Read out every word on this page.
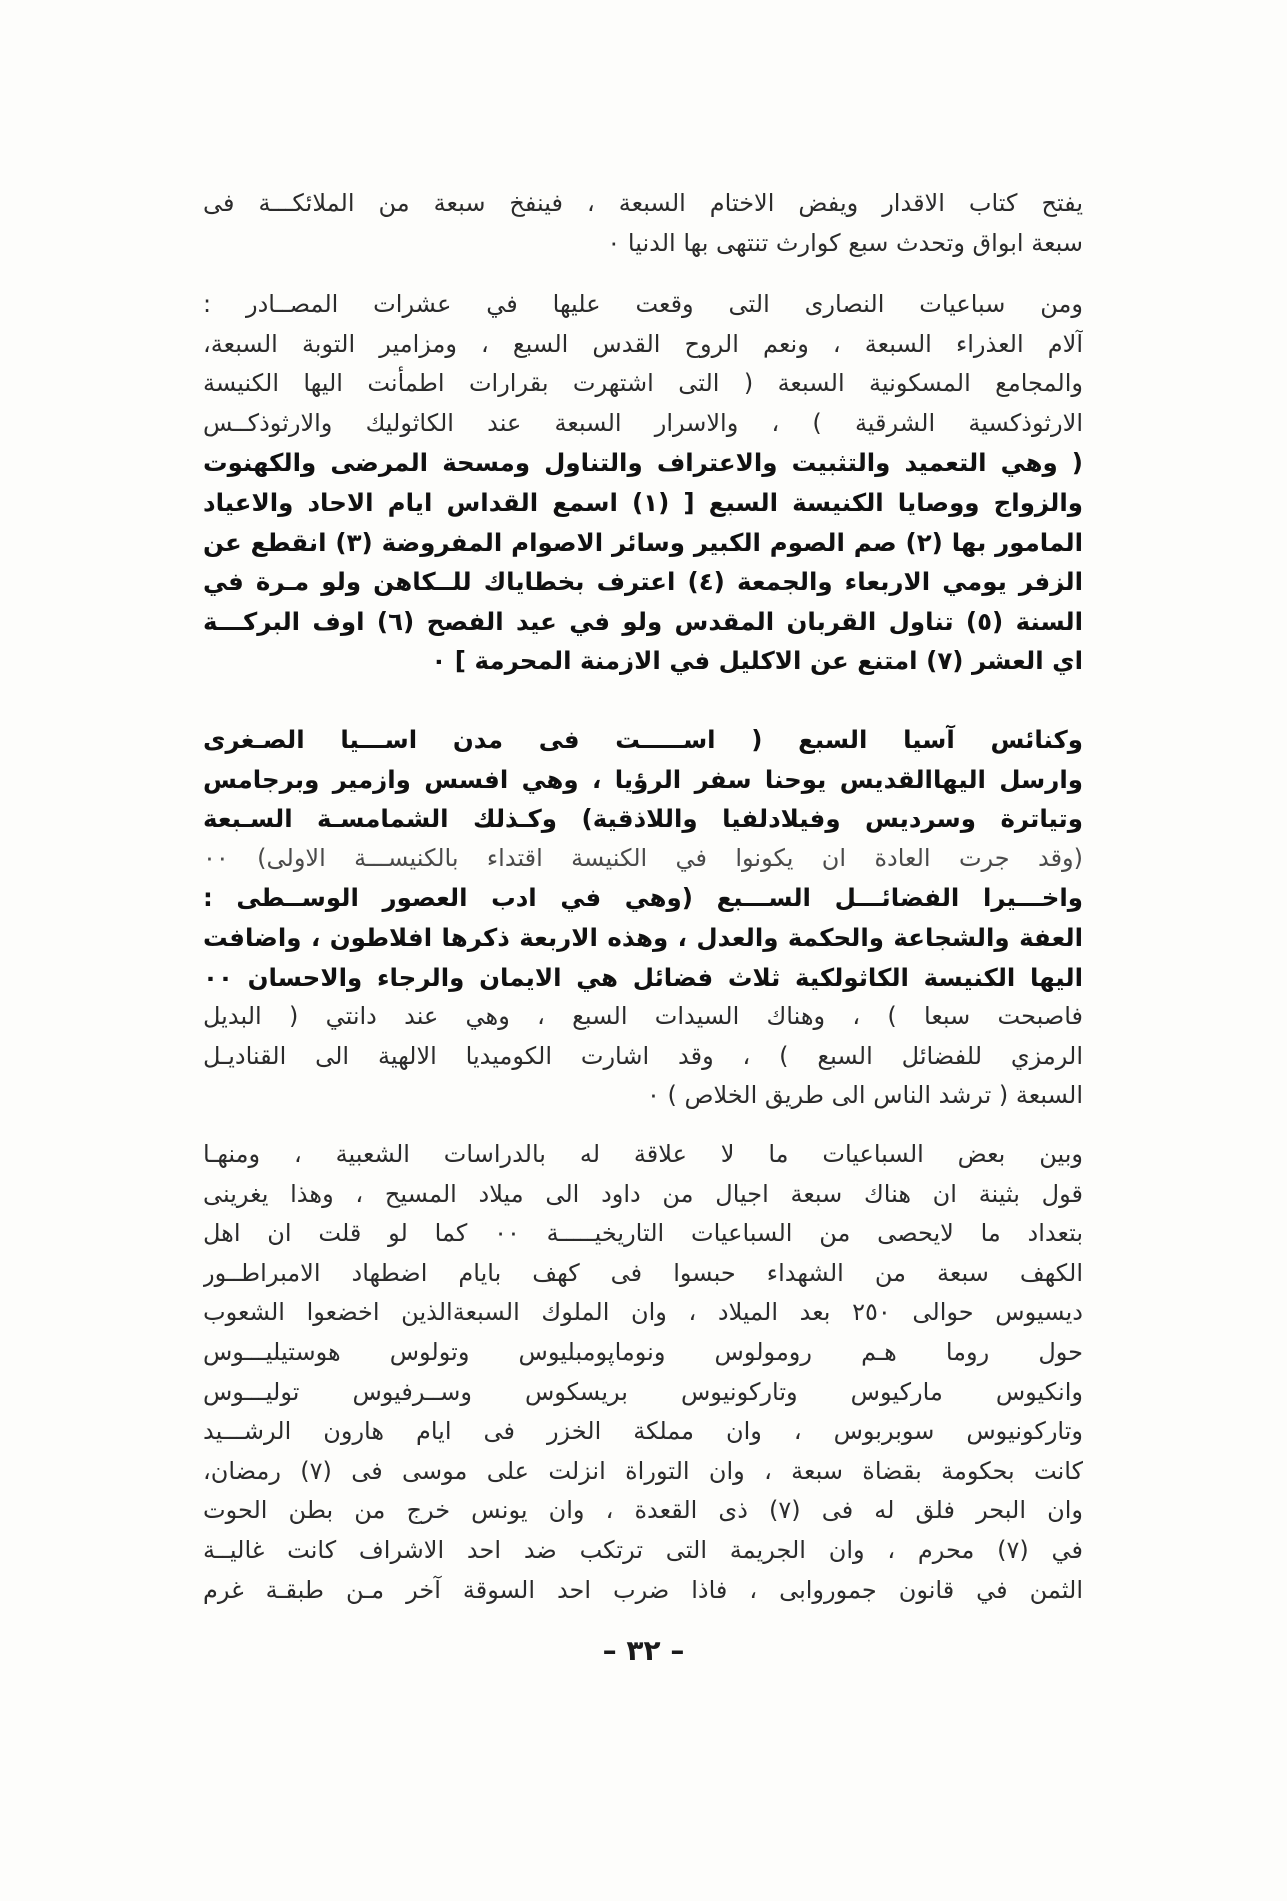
يفتح كتاب الاقدار ويفض الاختام السبعة ، فينفخ سبعة من الملائكـــة فى
سبعة ابواق وتحدث سبع كوارث تنتهى بها الدنيا ٠
ومن سباعيات النصارى التى وقعت عليها في عشرات المصــادر :
آلام العذراء السبعة ، ونعم الروح القدس السبع ، ومزامير التوبة السبعة،
والمجامع المسكونية السبعة ( التى اشتهرت بقرارات اطمأنت اليها الكنيسة
الارثوذكسية الشرقية ) ، والاسرار السبعة عند الكاثوليك والارثوذكــس
( وهي التعميد والتثبيت والاعتراف والتناول ومسحة المرضى والكهنوت
والزواج ووصايا الكنيسة السبع [ (١) اسمع القداس ايام الاحاد والاعياد
المامور بها (٢) صم الصوم الكبير وسائر الاصوام المفروضة (٣) انقطع عن
الزفر يومي الاربعاء والجمعة (٤) اعترف بخطاياك للــكاهن ولو مـرة في
السنة (٥) تناول القربان المقدس ولو في عيد الفصح (٦) اوف البركـــة
اي العشر (٧) امتنع عن الاكليل في الازمنة المحرمة ] ٠
وكنائس آسيا السبع ( اســـــت فى مدن اســـيا الصـغرى
وارسل اليهاالقديس يوحنا سفر الرؤيا ، وهي افسس وازمير وبرجامس
وتياترة وسرديس وفيلادلفيا واللاذقية) وكـذلك الشمامسـة السـبعة
(وقد جرت العادة ان يكونوا في الكنيسة اقتداء بالكنيســـة الاولى) ٠٠
واخـــيرا الفضائـــل الســـبع (وهي في ادب العصور الوســطى :
العفة والشجاعة والحكمة والعدل ، وهذه الاربعة ذكرها افلاطون ، واضافت
اليها الكنيسة الكاثولكية ثلاث فضائل هي الايمان والرجاء والاحسان ٠٠
فاصبحت سبعا ) ، وهناك السيدات السبع ، وهي عند دانتي ( البديل
الرمزي للفضائل السبع ) ، وقد اشارت الكوميديا الالهية الى القناديـل
السبعة ( ترشد الناس الى طريق الخلاص ) ٠
وبين بعض السباعيات ما لا علاقة له بالدراسات الشعبية ، ومنهـا
قول بثينة ان هناك سبعة اجيال من داود الى ميلاد المسيح ، وهذا يغرينى
بتعداد ما لايحصى من السباعيات التاريخيـــــة ٠٠ كما لو قلت ان اهل
الكهف سبعة من الشهداء حبسوا فى كهف بايام اضطهاد الامبراطــور
ديسيوس حوالى ٢٥٠ بعد الميلاد ، وان الملوك السبعةالذين اخضعوا الشعوب
حول روما هـم رومولوس ونوماپومبليوس وتولوس هوستيليـــوس
وانكيوس ماركيوس وتاركونيوس بريسكوس وســرفيوس توليـــوس
وتاركونيوس سوبربوس ، وان مملكة الخزر فى ايام هارون الرشـــيد
كانت بحكومة بقضاة سبعة ، وان التوراة انزلت على موسى فى (٧) رمضان،
وان البحر فلق له فى (٧) ذى القعدة ، وان يونس خرج من بطن الحوت
في (٧) محرم ، وان الجريمة التى ترتكب ضد احد الاشراف كانت غاليــة
الثمن في قانون جموروابى ، فاذا ضرب احد السوقة آخر مـن طبقـة غرم
– ٣٢ –
